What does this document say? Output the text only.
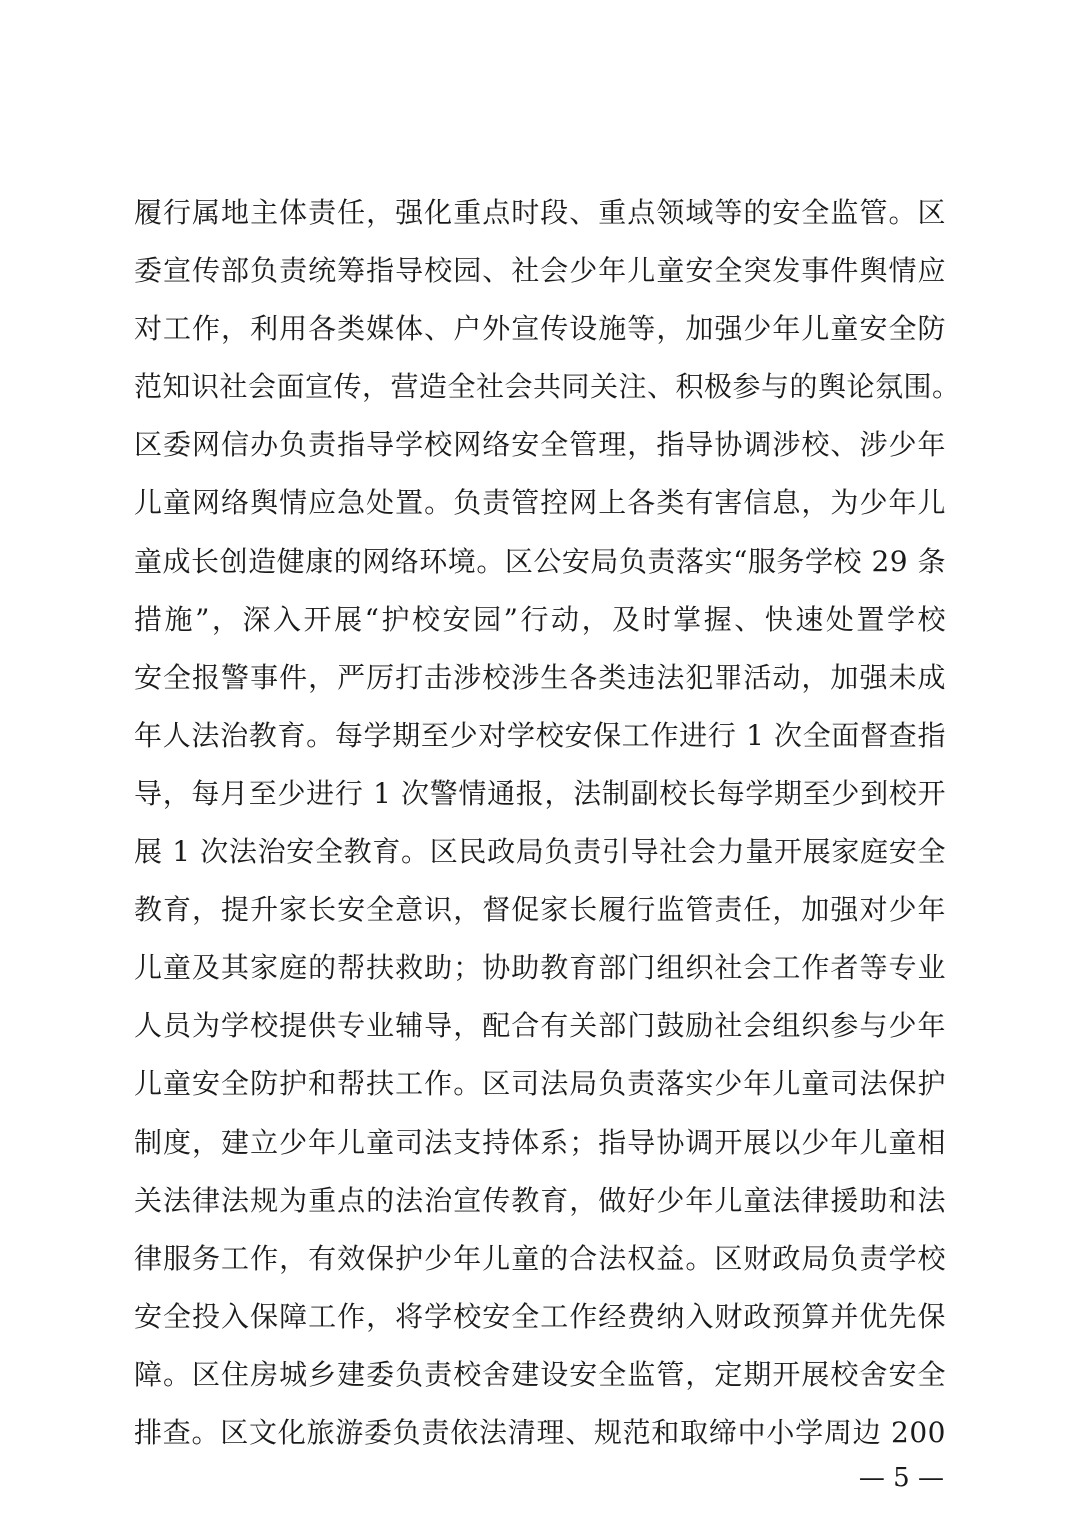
履行属地主体责任，强化重点时段、重点领域等的安全监管。区
委宣传部负责统筹指导校园、社会少年儿童安全突发事件舆情应
对工作，利用各类媒体、户外宣传设施等，加强少年儿童安全防
范知识社会面宣传，营造全社会共同关注、积极参与的舆论氛围。
区委网信办负责指导学校网络安全管理，指导协调涉校、涉少年
儿童网络舆情应急处置。负责管控网上各类有害信息，为少年儿
童成长创造健康的网络环境。区公安局负责落实“服务学校 29 条
措施”，深入开展“护校安园”行动，及时掌握、快速处置学校
安全报警事件，严厉打击涉校涉生各类违法犯罪活动，加强未成
年人法治教育。每学期至少对学校安保工作进行 1 次全面督查指
导，每月至少进行 1 次警情通报，法制副校长每学期至少到校开
展 1 次法治安全教育。区民政局负责引导社会力量开展家庭安全
教育，提升家长安全意识，督促家长履行监管责任，加强对少年
儿童及其家庭的帮扶救助；协助教育部门组织社会工作者等专业
人员为学校提供专业辅导，配合有关部门鼓励社会组织参与少年
儿童安全防护和帮扶工作。区司法局负责落实少年儿童司法保护
制度，建立少年儿童司法支持体系；指导协调开展以少年儿童相
关法律法规为重点的法治宣传教育，做好少年儿童法律援助和法
律服务工作，有效保护少年儿童的合法权益。区财政局负责学校
安全投入保障工作，将学校安全工作经费纳入财政预算并优先保
障。区住房城乡建委负责校舍建设安全监管，定期开展校舍安全
排查。区文化旅游委负责依法清理、规范和取缔中小学周边 200
— 5 —
